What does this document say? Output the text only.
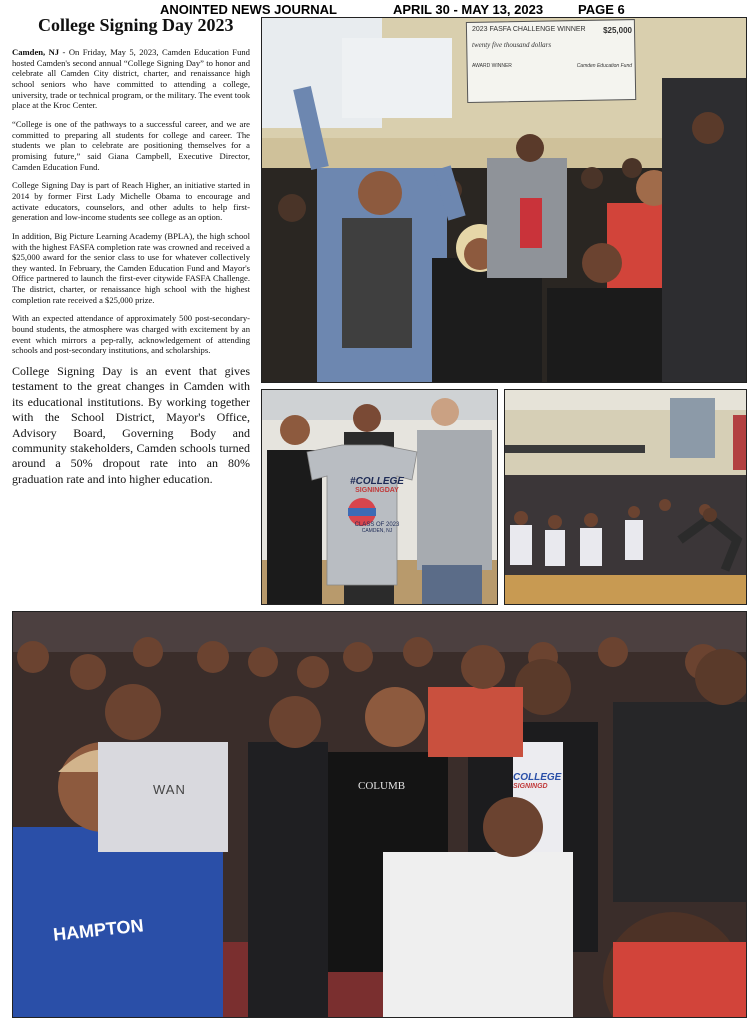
ANOINTED NEWS JOURNAL	APRIL 30 - MAY 13, 2023	PAGE 6
College Signing Day 2023

Camden, NJ - On Friday, May 5, 2023, Camden Education Fund hosted Camden's second annual “College Signing Day” to honor and celebrate all Camden City district, charter, and renaissance high school seniors who have committed to attending a college, university, trade or technical program, or the military. The event took place at the Kroc Center.

“College is one of the pathways to a successful career, and we are committed to preparing all students for college and career. The students we plan to celebrate are positioning themselves for a promising future,” said Giana Campbell, Executive Director, Camden Education Fund.

College Signing Day is part of Reach Higher, an initiative started in 2014 by former First Lady Michelle Obama to encourage and activate educators, counselors, and other adults to help first-generation and low-income students see college as an option.

In addition, Big Picture Learning Academy (BPLA), the high school with the highest FASFA completion rate was crowned and received a $25,000 award for the senior class to use for whatever collectively they wanted. In February, the Camden Education Fund and Mayor's Office partnered to launch the first-ever citywide FASFA Challenge. The district, charter, or renaissance high school with the highest completion rate received a $25,000 prize.

With an expected attendance of approximately 500 post-secondary-bound students, the atmosphere was charged with excitement by an event which mirrors a pep-rally, acknowledgement of attending schools and post-secondary institutions, and scholarships.

College Signing Day is an event that gives testament to the great changes in Camden with its educational institutions. By working together with the School District, Mayor's Office, Advisory Board, Governing Body and community stakeholders, Camden schools turned around a 50% dropout rate into an 80% graduation rate and into higher education.

2023 FASFA CHALLENGE WINNER $25,000
twenty five thousand dollars
AWARD WINNER	Camden Education Fund
#COLLEGE
SIGNINGDAY
CLASS OF 2023
CAMDEN, NJ
HAMPTON
COLUMB
COLLEGE
SIGNINGD
WAN
